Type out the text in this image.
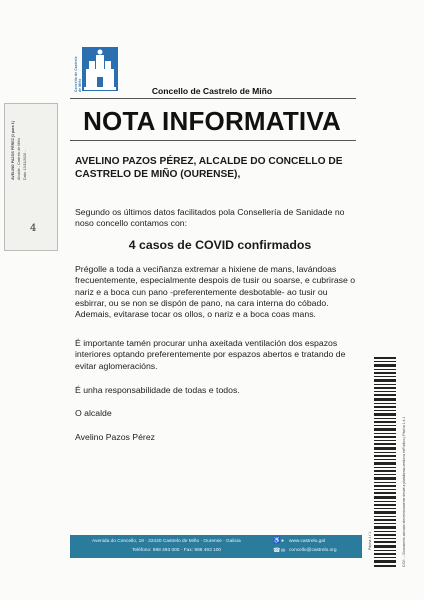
Concello de Castrelo de Miño	Concello de Castrelo de Miño
NOTA INFORMATIVA
AVELINO PAZOS PÉREZ (1 para 1) Alcalde - Castrelo de Miño Data: 13/11/2020 ...
4
AVELINO PAZOS PÉREZ, ALCALDE DO CONCELLO DE CASTRELO DE MIÑO (OURENSE),
Segundo os últimos datos facilitados pola Consellería de Sanidade no noso concello contamos con:
4 casos de COVID confirmados
Prégolle a toda a veciñanza extremar a hixiene de mans, lavándoas frecuentemente, especialmente despois de tusir ou soarse, e cubrirase o nariz e a boca cun pano -preferentemente desbotable- ao tusir ou esbirrar, ou se non se dispón de pano, na cara interna do cóbado. Ademais, evitarase tocar os ollos, o nariz e a boca coas mans.
É importante tamén procurar unha axeitada ventilación dos espazos interiores optando preferentemente por espazos abertos e tratando de evitar aglomeracións.
É unha responsabilidade de todas e todos.
O alcalde
Avelino Pazos Pérez	CSV: ... Documento asinado electrónicamente desde a plataforma xestiona esPublico | Páxina 1 á 1
Páxina 1 / 1
Avenida do Concello, 18 · 32430 Castrelo de Miño · Ourense · Galicia
Teléfono: 988 493 000 · Fax: 988 493 100
♿
☎
●
✉
www.castrelo.gal
concello@castrelo.org
